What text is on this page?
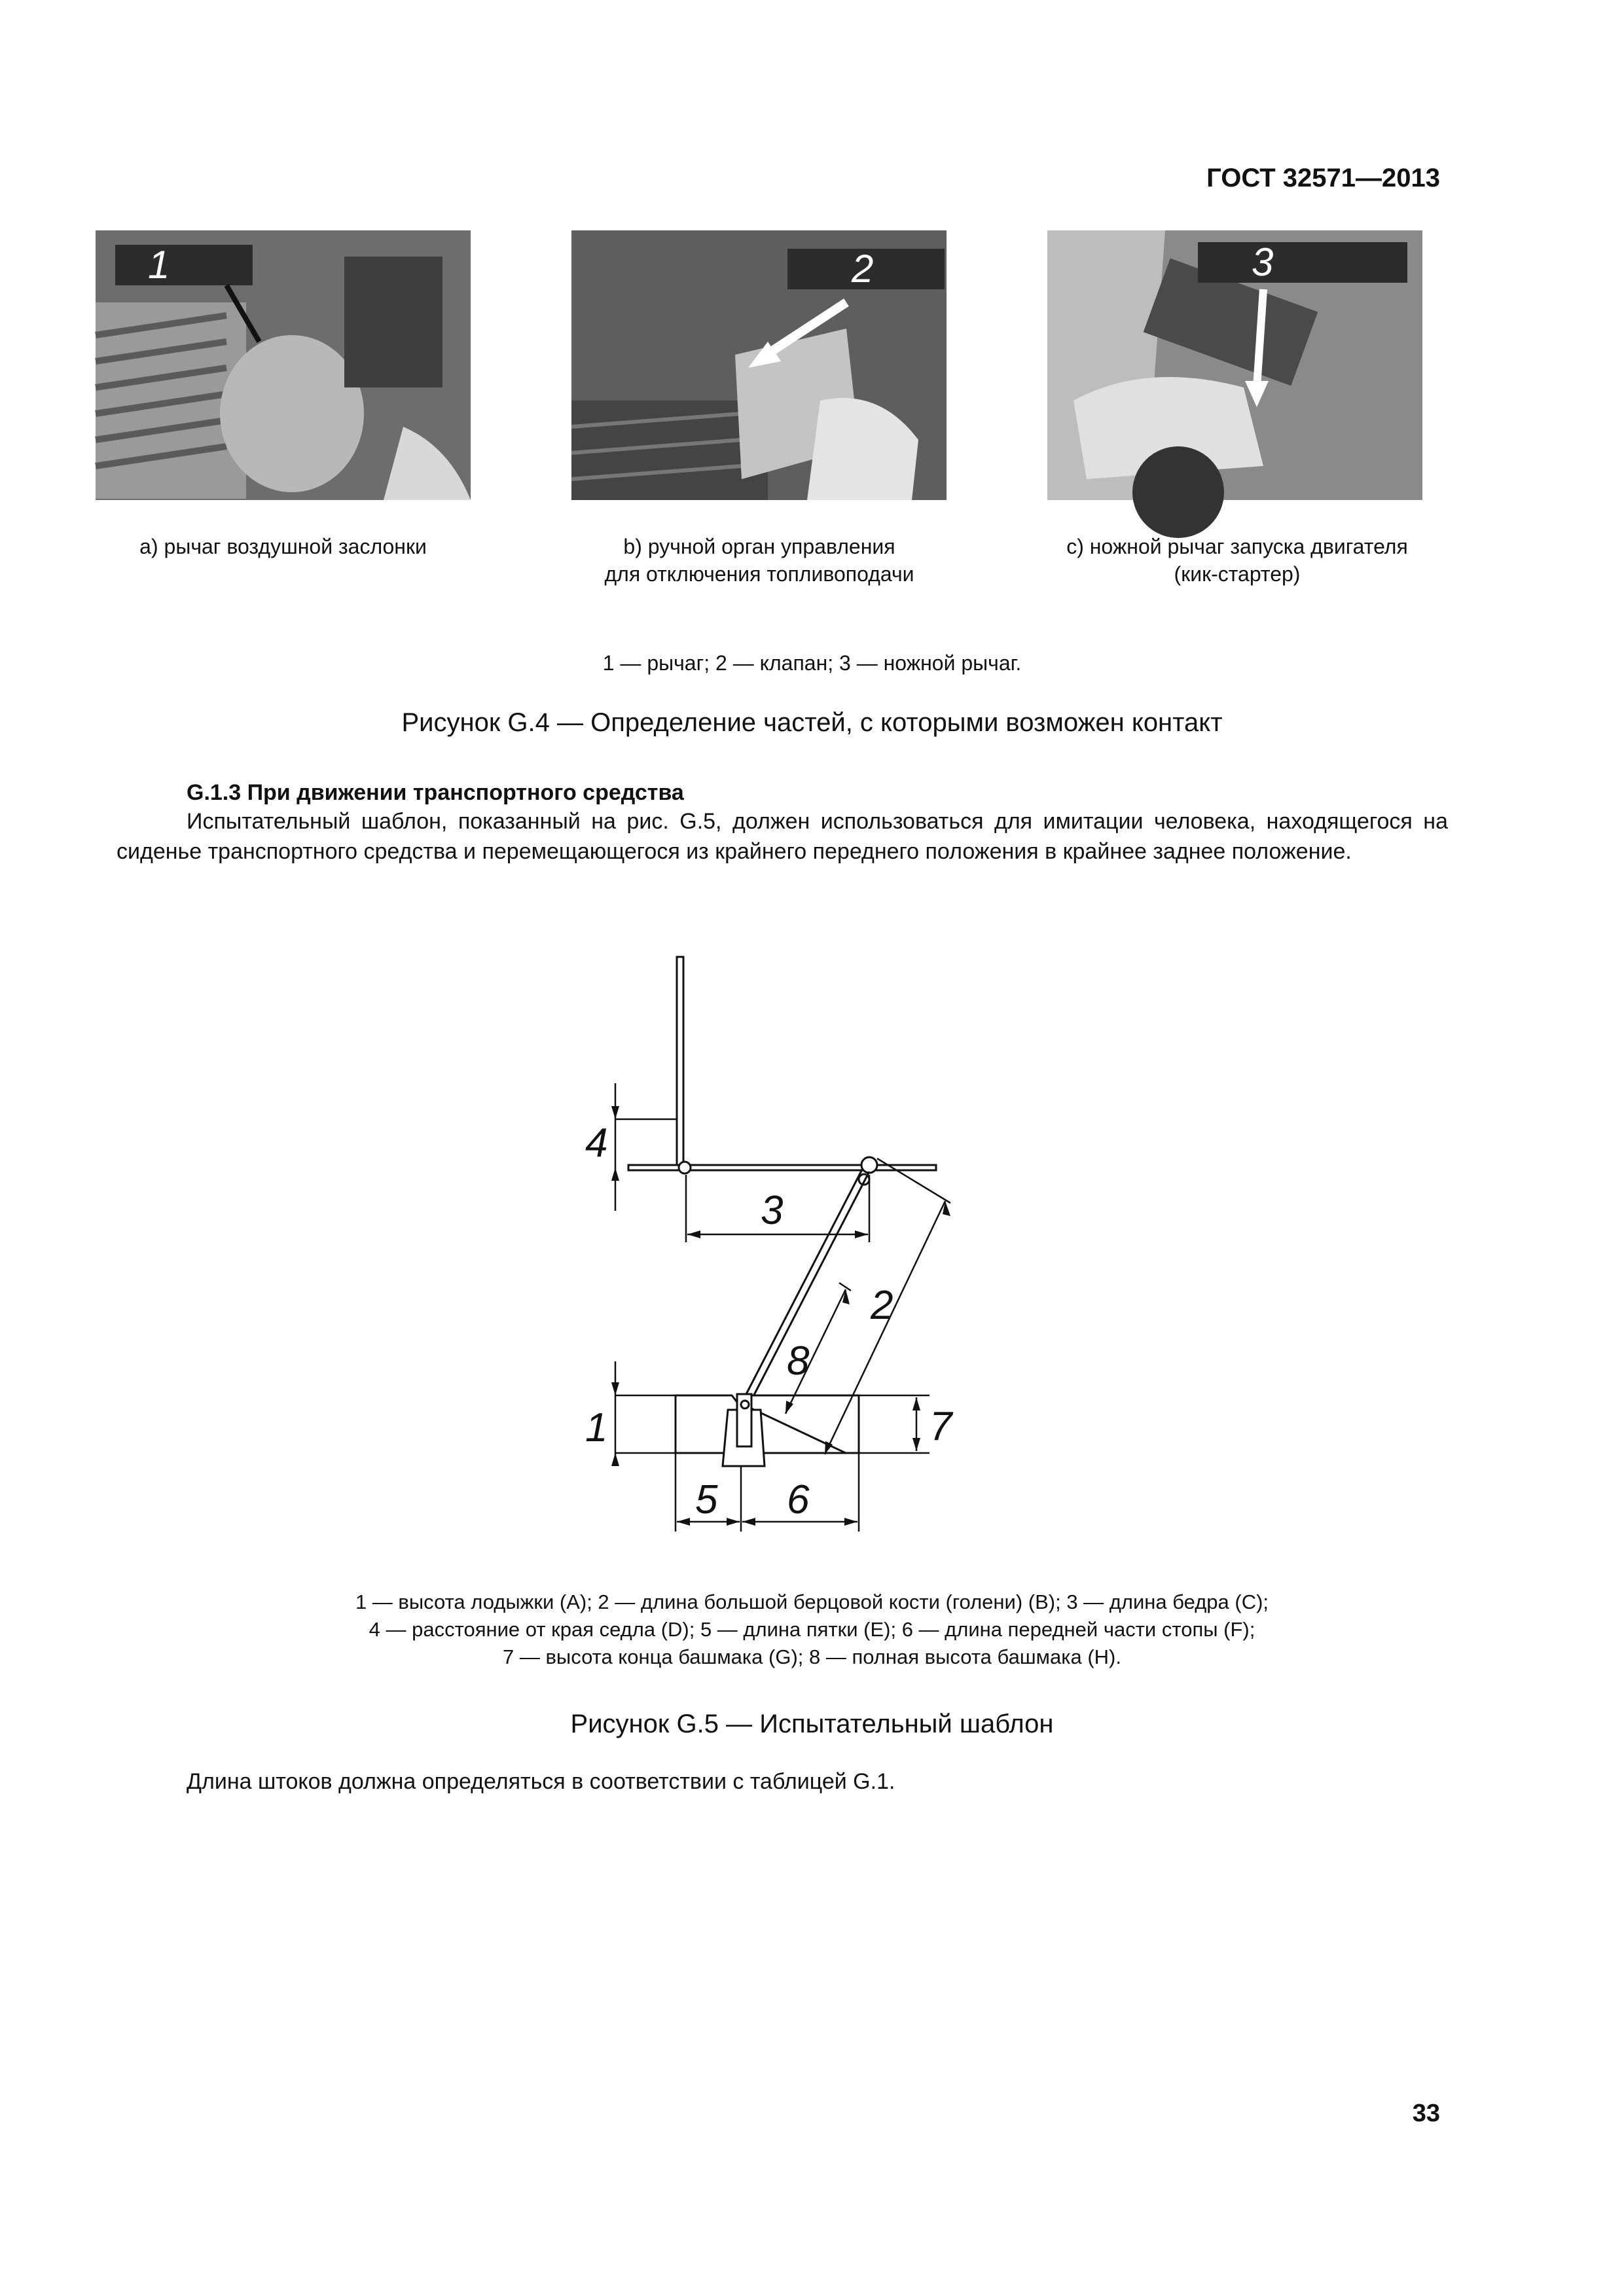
ГОСТ 32571—2013
1	2	3
а) рычаг воздушной заслонки	b) ручной орган управления
для отключения топливоподачи
с) ножной рычаг запуска двигателя
(кик-стартер)
1 — рычаг; 2 — клапан; 3 — ножной рычаг.
Рисунок G.4 — Определение частей, с которыми возможен контакт
G.1.3 При движении транспортного средства
Испытательный шаблон, показанный на рис. G.5, должен использоваться для имитации человека, находящегося на сиденье транспортного средства и перемещающегося из крайнего переднего положения в крайнее заднее положение.
4
3
2
8
1	7
5 6
1 — высота лодыжки (A); 2 — длина большой берцовой кости (голени) (B); 3 — длина бедра (C);
4 — расстояние от края седла (D); 5 — длина пятки (E); 6 — длина передней части стопы (F);
7 — высота конца башмака (G); 8 — полная высота башмака (H).
Рисунок G.5 — Испытательный шаблон
Длина штоков должна определяться в соответствии с таблицей G.1.
33
